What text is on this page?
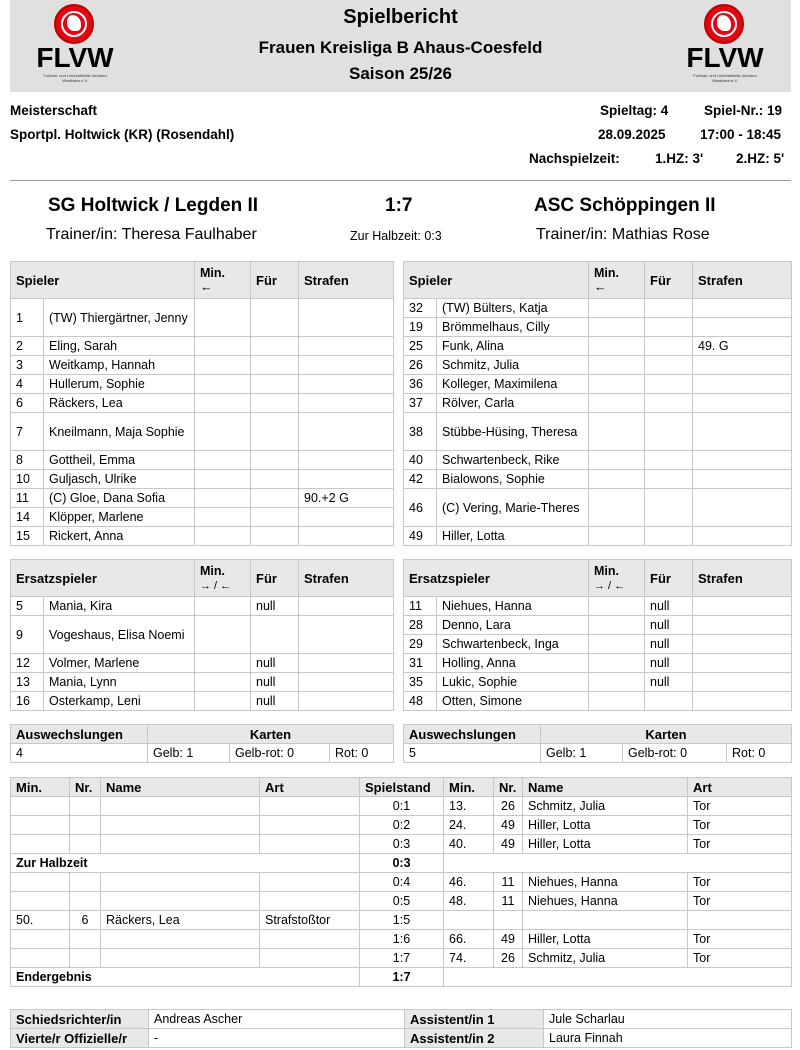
FLVW
Fußball- und Leichtathletik-Verband Westfalen e.V.
Spielbericht
Frauen Kreisliga B Ahaus-Coesfeld
Saison 25/26
FLVW
Fußball- und Leichtathletik-Verband Westfalen e.V.
Meisterschaft
Sportpl. Holtwick (KR) (Rosendahl)
Spieltag: 4	Spiel-Nr.: 19
28.09.2025	17:00 - 18:45
Nachspielzeit:	1.HZ: 3' 2.HZ: 5'
SG Holtwick / Legden II	1:7	ASC Schöppingen II
Trainer/in: Theresa Faulhaber	Zur Halbzeit: 0:3	Trainer/in: Mathias Rose
Spieler		Min.
←	Für	Strafen
1	(TW) Thiergärtner, Jenny			
2	Eling, Sarah			
3	Weitkamp, Hannah			
4	Hullerum, Sophie			
6	Räckers, Lea			
7	Kneilmann, Maja Sophie			
8	Gottheil, Emma			
10	Guljasch, Ulrike			
11	(C) Gloe, Dana Sofia			90.+2 G
14	Klöpper, Marlene			
15	Rickert, Anna			
Spieler		Min.
←	Für	Strafen
32	(TW) Bülters, Katja			
19	Brömmelhaus, Cilly			
25	Funk, Alina			49. G
26	Schmitz, Julia			
36	Kolleger, Maximilena			
37	Rölver, Carla			
38	Stübbe-Hüsing, Theresa			
40	Schwartenbeck, Rike			
42	Bialowons, Sophie			
46	(C) Vering, Marie-Theres			
49	Hiller, Lotta			
Ersatzspieler		Min.
→ / ←	Für	Strafen
5	Mania, Kira		null	
9	Vogeshaus, Elisa Noemi			
12	Volmer, Marlene		null	
13	Mania, Lynn		null	
16	Osterkamp, Leni		null	
Ersatzspieler		Min.
→ / ←	Für	Strafen
11	Niehues, Hanna		null	
28	Denno, Lara		null	
29	Schwartenbeck, Inga		null	
31	Holling, Anna		null	
35	Lukic, Sophie		null	
48	Otten, Simone			
Auswechslungen	Karten		
4	Gelb: 1	Gelb-rot: 0	Rot: 0
Auswechslungen	Karten		
5	Gelb: 1	Gelb-rot: 0	Rot: 0
Min.	Nr.	Name	Art	Spielstand	Min.	Nr.	Name	Art
				0:1	13.	26	Schmitz, Julia	Tor
				0:2	24.	49	Hiller, Lotta	Tor
				0:3	40.	49	Hiller, Lotta	Tor
Zur Halbzeit				0:3				
				0:4	46.	11	Niehues, Hanna	Tor
				0:5	48.	11	Niehues, Hanna	Tor
50.	6	Räckers, Lea	Strafstoßtor	1:5				
				1:6	66.	49	Hiller, Lotta	Tor
				1:7	74.	26	Schmitz, Julia	Tor
Endergebnis				1:7				
Schiedsrichter/in	Andreas Ascher	Assistent/in 1	Jule Scharlau
Vierte/r Offizielle/r	-	Assistent/in 2	Laura Finnah
